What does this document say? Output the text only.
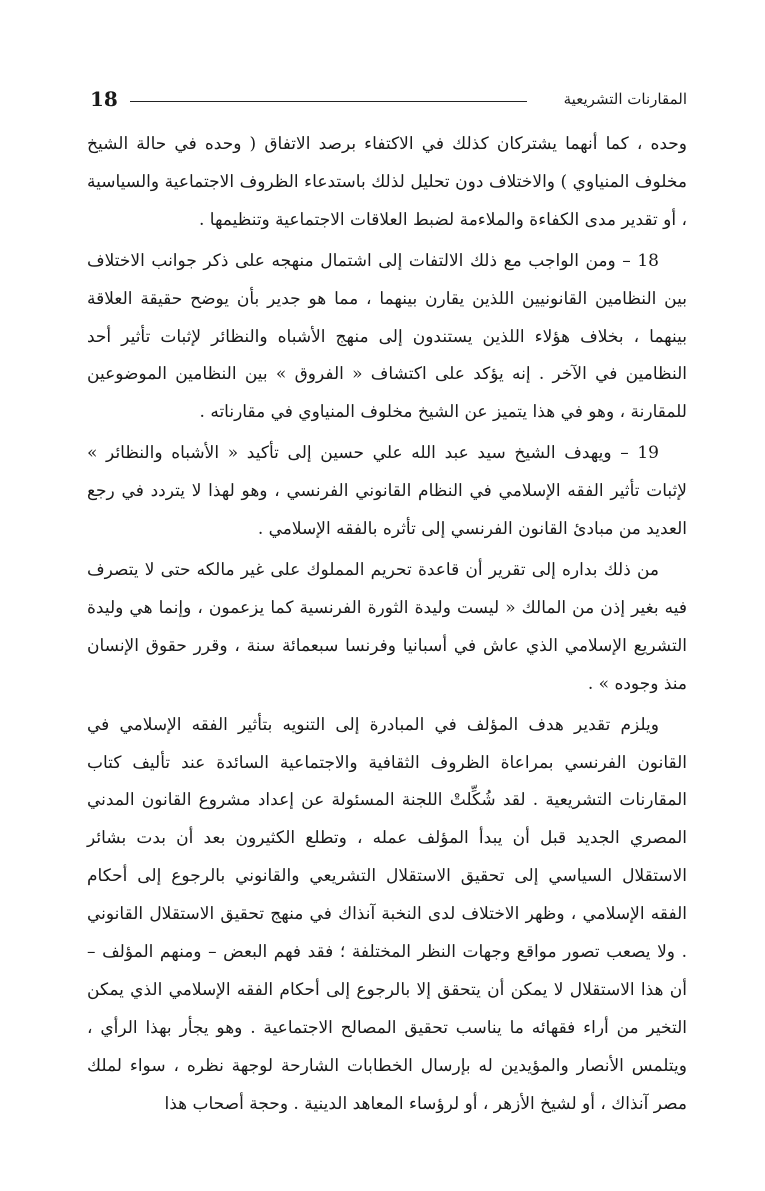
18	المقارنات التشريعية

وحده ، كما أنهما يشتركان كذلك في الاكتفاء برصد الاتفاق ( وحده في حالة الشيخ مخلوف المنياوي ) والاختلاف دون تحليل لذلك باستدعاء الظروف الاجتماعية والسياسية ، أو تقدير مدى الكفاءة والملاءمة لضبط العلاقات الاجتماعية وتنظيمها .

18 – ومن الواجب مع ذلك الالتفات إلى اشتمال منهجه على ذكر جوانب الاختلاف بين النظامين القانونيين اللذين يقارن بينهما ، مما هو جدير بأن يوضح حقيقة العلاقة بينهما ، بخلاف هؤلاء اللذين يستندون إلى منهج الأشباه والنظائر لإثبات تأثير أحد النظامين في الآخر . إنه يؤكد على اكتشاف « الفروق » بين النظامين الموضوعين للمقارنة ، وهو في هذا يتميز عن الشيخ مخلوف المنياوي في مقارناته .

19 – ويهدف الشيخ سيد عبد الله علي حسين إلى تأكيد « الأشباه والنظائر » لإثبات تأثير الفقه الإسلامي في النظام القانوني الفرنسي ، وهو لهذا لا يتردد في رجع العديد من مبادئ القانون الفرنسي إلى تأثره بالفقه الإسلامي .

من ذلك بداره إلى تقرير أن قاعدة تحريم المملوك على غير مالكه حتى لا يتصرف فيه بغير إذن من المالك « ليست وليدة الثورة الفرنسية كما يزعمون ، وإنما هي وليدة التشريع الإسلامي الذي عاش في أسبانيا وفرنسا سبعمائة سنة ، وقرر حقوق الإنسان منذ وجوده » .

ويلزم تقدير هدف المؤلف في المبادرة إلى التنويه بتأثير الفقه الإسلامي في القانون الفرنسي بمراعاة الظروف الثقافية والاجتماعية السائدة عند تأليف كتاب المقارنات التشريعية . لقد شُكِّلتْ اللجنة المسئولة عن إعداد مشروع القانون المدني المصري الجديد قبل أن يبدأ المؤلف عمله ، وتطلع الكثيرون بعد أن بدت بشائر الاستقلال السياسي إلى تحقيق الاستقلال التشريعي والقانوني بالرجوع إلى أحكام الفقه الإسلامي ، وظهر الاختلاف لدى النخبة آنذاك في منهج تحقيق الاستقلال القانوني . ولا يصعب تصور مواقع وجهات النظر المختلفة ؛ فقد فهم البعض – ومنهم المؤلف – أن هذا الاستقلال لا يمكن أن يتحقق إلا بالرجوع إلى أحكام الفقه الإسلامي الذي يمكن التخير من أراء فقهائه ما يناسب تحقيق المصالح الاجتماعية . وهو يجأر بهذا الرأي ، ويتلمس الأنصار والمؤيدين له بإرسال الخطابات الشارحة لوجهة نظره ، سواء لملك مصر آنذاك ، أو لشيخ الأزهر ، أو لرؤساء المعاهد الدينية . وحجة أصحاب هذا
